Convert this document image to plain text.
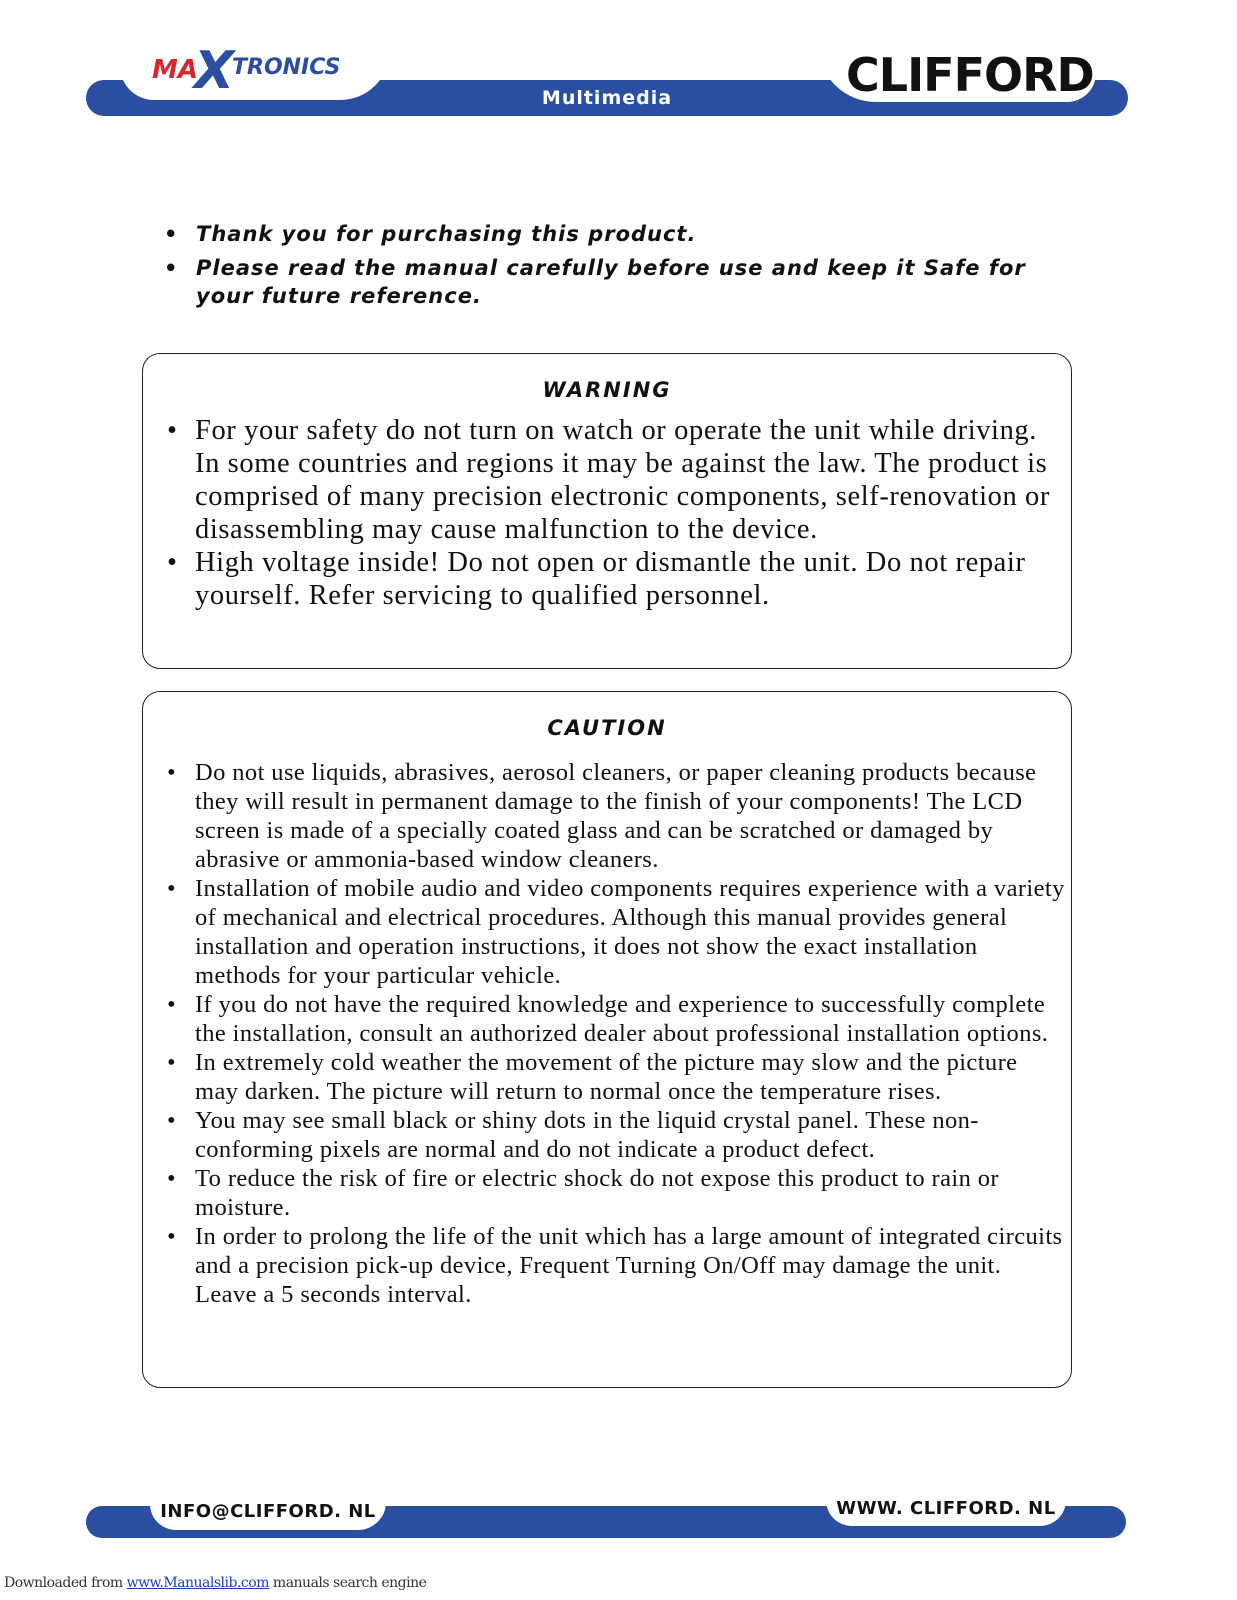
MA
X
TRONICS
Multimedia	CLIFFORD
• Thank you for purchasing this product.
• Please read the manual carefully before use and keep it Safe for your future reference.
WARNING
• For your safety do not turn on watch or operate the unit while driving. In some countries and regions it may be against the law. The product is comprised of many precision electronic components, self-renovation or disassembling may cause malfunction to the device.
• High voltage inside! Do not open or dismantle the unit. Do not repair yourself. Refer servicing to qualified personnel.
CAUTION
• Do not use liquids, abrasives, aerosol cleaners, or paper cleaning products because they will result in permanent damage to the finish of your components! The LCD screen is made of a specially coated glass and can be scratched or damaged by abrasive or ammonia-based window cleaners.
• Installation of mobile audio and video components requires experience with a variety of mechanical and electrical procedures. Although this manual provides general installation and operation instructions, it does not show the exact installation methods for your particular vehicle.
• If you do not have the required knowledge and experience to successfully complete the installation, consult an authorized dealer about professional installation options.
• In extremely cold weather the movement of the picture may slow and the picture may darken. The picture will return to normal once the temperature rises.
• You may see small black or shiny dots in the liquid crystal panel. These non-conforming pixels are normal and do not indicate a product defect.
• To reduce the risk of fire or electric shock do not expose this product to rain or moisture.
• In order to prolong the life of the unit which has a large amount of integrated circuits and a precision pick-up device, Frequent Turning On/Off may damage the unit. Leave a 5 seconds interval.
INFO@CLIFFORD. NL	WWW. CLIFFORD. NL
Downloaded from www.Manualslib.com manuals search engine
